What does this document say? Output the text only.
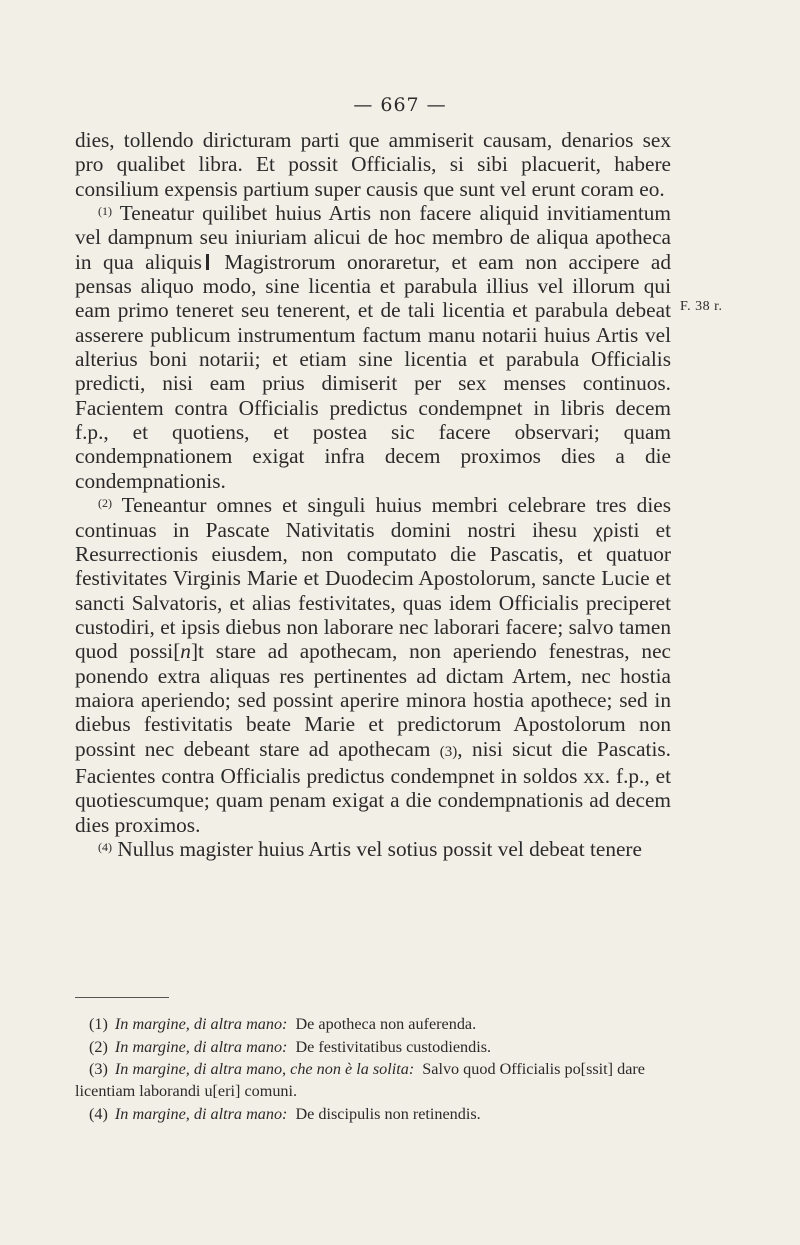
— 667 —
F. 38 r.

dies, tollendo diricturam parti que ammiserit causam, denarios sex pro qualibet libra. Et possit Officialis, si sibi placuerit, habere consilium expensis partium super causis que sunt vel erunt coram eo.

$^{(1)}$ Teneatur quilibet huius Artis non facere aliquid invitiamentum vel dampnum seu iniuriam alicui de hoc membro de aliqua apotheca in qua aliquis Magistrorum onoraretur, et eam non accipere ad pensas aliquo modo, sine licentia et parabula illius vel illorum qui eam primo teneret seu tenerent, et de tali licentia et parabula debeat asserere publicum instrumentum factum manu notarii huius Artis vel alterius boni notarii; et etiam sine licentia et parabula Officialis predicti, nisi eam prius dimiserit per sex menses continuos. Facientem contra Officialis predictus condempnet in libris decem f.p., et quotiens, et postea sic facere observari; quam condempnationem exigat infra decem proximos dies a die condempnationis.

$^{(2)}$ Teneantur omnes et singuli huius membri celebrare tres dies continuas in Pascate Nativitatis domini nostri ihesu χρisti et Resurrectionis eiusdem, non computato die Pascatis, et quatuor festivitates Virginis Marie et Duodecim Apostolorum, sancte Lucie et sancti Salvatoris, et alias festivitates, quas idem Officialis preciperet custodiri, et ipsis diebus non laborare nec laborari facere; salvo tamen quod possi[n]t stare ad apothecam, non aperiendo fenestras, nec ponendo extra aliquas res pertinentes ad dictam Artem, nec hostia maiora aperiendo; sed possint aperire minora hostia apothece; sed in diebus festivitatis beate Marie et predictorum Apostolorum non possint nec debeant stare ad apothecam (3), nisi sicut die Pascatis. Facientes contra Officialis predictus condempnet in soldos xx. f.p., et quotiescumque; quam penam exigat a die condempnationis ad decem dies proximos.

$^{(4)}$ Nullus magister huius Artis vel sotius possit vel debeat tenere

(1) In margine, di altra mano: De apotheca non auferenda.

(2) In margine, di altra mano: De festivitatibus custodiendis.

(3) In margine, di altra mano, che non è la solita: Salvo quod Officialis po[ssit] dare licentiam laborandi u[eri] comuni.

(4) In margine, di altra mano: De discipulis non retinendis.
